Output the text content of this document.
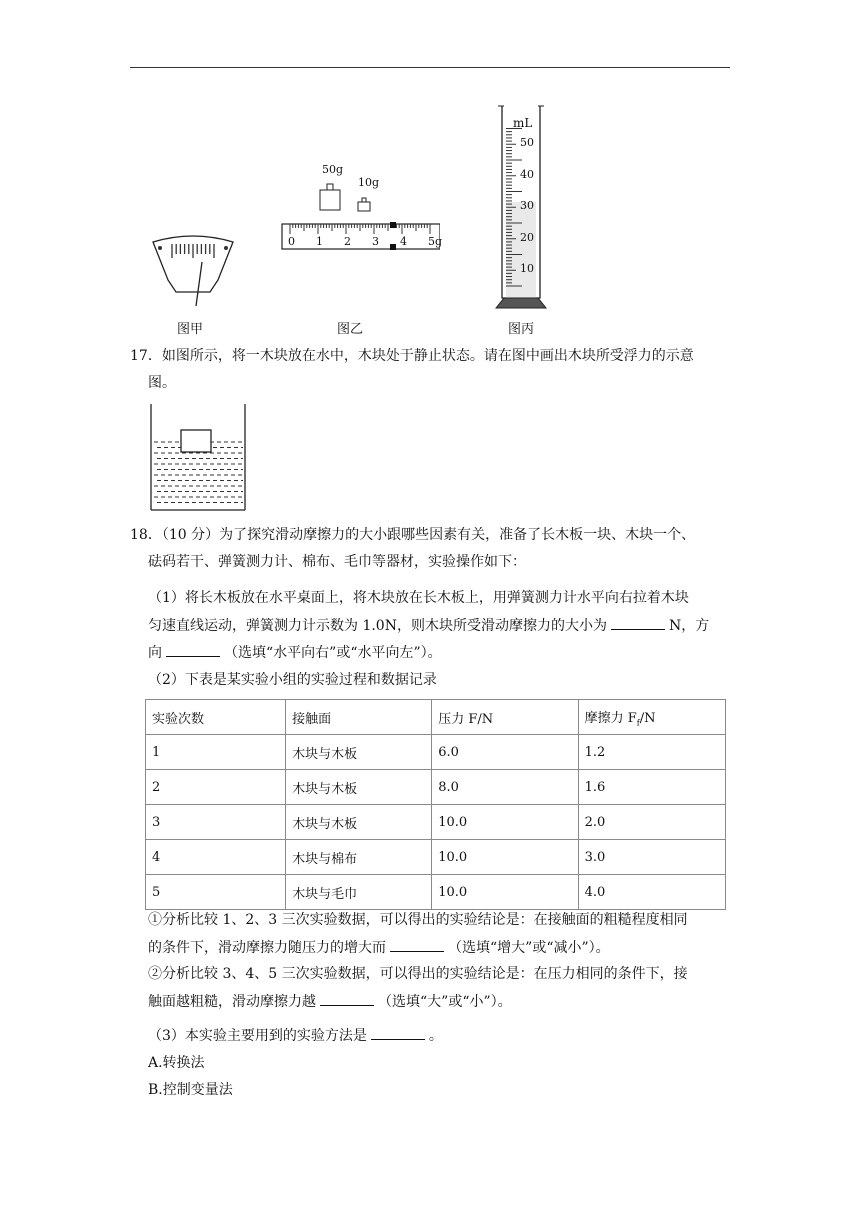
图甲
50g
10g
0 1 2 3 4 5g
图乙
mL
50
40
30
20
10
图丙
17．如图所示，将一木块放在水中，木块处于静止状态。请在图中画出木块所受浮力的示意
图。
18．（10 分）为了探究滑动摩擦力的大小跟哪些因素有关，准备了长木板一块、木块一个、
砝码若干、弹簧测力计、棉布、毛巾等器材，实验操作如下：
（1）将长木板放在水平桌面上，将木块放在长木板上，用弹簧测力计水平向右拉着木块
匀速直线运动，弹簧测力计示数为 1.0N，则木块所受滑动摩擦力的大小为	N，方
向	（选填“水平向右”或“水平向左”）。
（2）下表是某实验小组的实验过程和数据记录
实验次数	接触面	压力 F/N	摩擦力 $F_f/N$
1	木块与木板	6.0	1.2
2	木块与木板	8.0	1.6
3	木块与木板	10.0	2.0
4	木块与棉布	10.0	3.0
5	木块与毛巾	10.0	4.0
①分析比较 1、2、3 三次实验数据，可以得出的实验结论是：在接触面的粗糙程度相同
的条件下，滑动摩擦力随压力的增大而	（选填“增大”或“减小”）。
②分析比较 3、4、5 三次实验数据，可以得出的实验结论是：在压力相同的条件下，接
触面越粗糙，滑动摩擦力越	（选填“大”或“小”）。
（3）本实验主要用到的实验方法是	。
A.转换法
B.控制变量法
